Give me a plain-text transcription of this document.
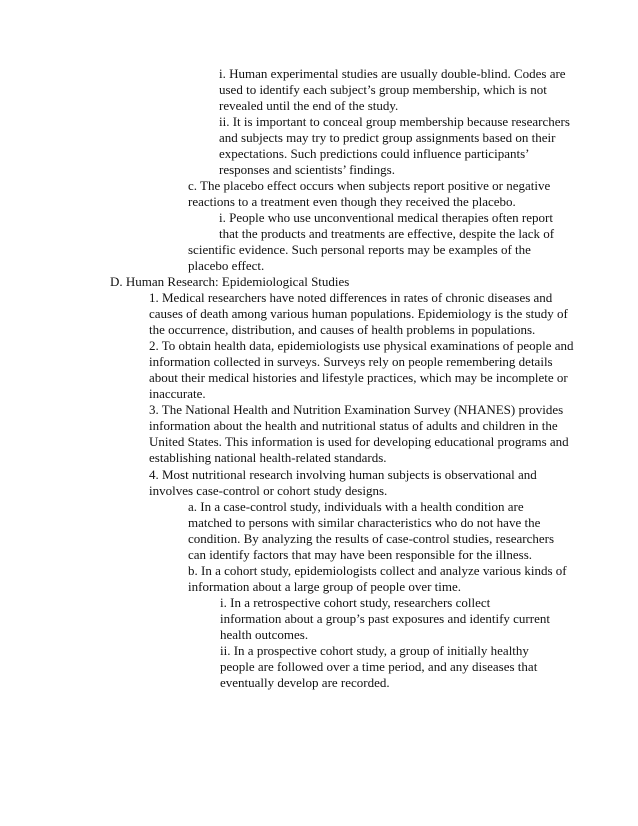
i. Human experimental studies are usually double-blind. Codes are
used to identify each subject’s group membership, which is not
revealed until the end of the study.
ii. It is important to conceal group membership because researchers
and subjects may try to predict group assignments based on their
expectations. Such predictions could influence participants’
responses and scientists’ findings.
c. The placebo effect occurs when subjects report positive or negative
reactions to a treatment even though they received the placebo.
i. People who use unconventional medical therapies often report
that the products and treatments are effective, despite the lack of
scientific evidence. Such personal reports may be examples of the
placebo effect.
D. Human Research: Epidemiological Studies
1. Medical researchers have noted differences in rates of chronic diseases and
causes of death among various human populations. Epidemiology is the study of
the occurrence, distribution, and causes of health problems in populations.
2. To obtain health data, epidemiologists use physical examinations of people and
information collected in surveys. Surveys rely on people remembering details
about their medical histories and lifestyle practices, which may be incomplete or
inaccurate.
3. The National Health and Nutrition Examination Survey (NHANES) provides
information about the health and nutritional status of adults and children in the
United States. This information is used for developing educational programs and
establishing national health-related standards.
4. Most nutritional research involving human subjects is observational and
involves case-control or cohort study designs.
a. In a case-control study, individuals with a health condition are
matched to persons with similar characteristics who do not have the
condition. By analyzing the results of case-control studies, researchers
can identify factors that may have been responsible for the illness.
b. In a cohort study, epidemiologists collect and analyze various kinds of
information about a large group of people over time.
i. In a retrospective cohort study, researchers collect
information about a group’s past exposures and identify current
health outcomes.
ii. In a prospective cohort study, a group of initially healthy
people are followed over a time period, and any diseases that
eventually develop are recorded.
